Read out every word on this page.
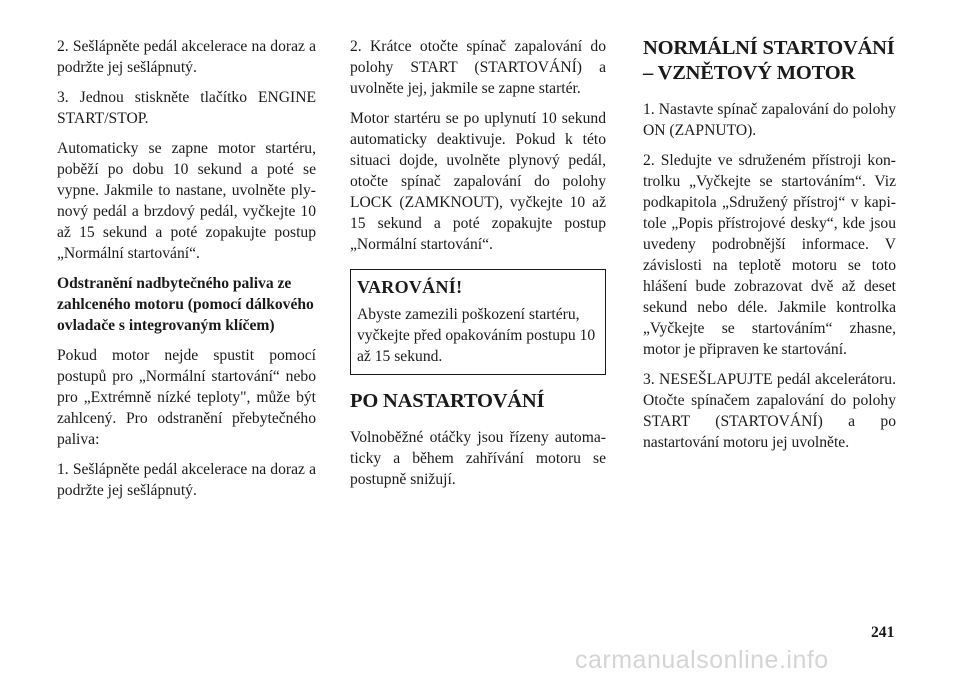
2. Sešlápněte pedál akcelerace na doraz a podržte jej sešlápnutý.

3. Jednou stiskněte tlačítko ENGINE START/STOP.

Automaticky se zapne motor startéru, poběží po dobu 10 sekund a poté se vypne. Jakmile to nastane, uvolněte plynový pedál a brzdový pedál, vyčkejte 10 až 15 sekund a poté zopakujte postup „Normální startování“.

Odstranění nadbytečného paliva ze zahlceného motoru (pomocí dálkového ovladače s integrovaným klíčem)

Pokud motor nejde spustit pomocí postupů pro „Normální startování“ nebo pro „Extrémně nízké teploty", může být zahlcený. Pro odstranění přebytečného paliva:

1. Sešlápněte pedál akcelerace na doraz a podržte jej sešlápnutý.

2. Krátce otočte spínač zapalování do polohy START (STARTOVÁNÍ) a uvolněte jej, jakmile se zapne startér.

Motor startéru se po uplynutí 10 sekund automaticky deaktivuje. Pokud k této situaci dojde, uvolněte plynový pedál, otočte spínač zapalování do polohy LOCK (ZAMKNOUT), vyčkejte 10 až 15 sekund a poté zopakujte postup „Normální startování“.

VAROVÁNÍ!

Abyste zamezili poškození startéru, vyčkejte před opakováním postupu 10 až 15 sekund.

PO NASTARTOVÁNÍ

Volnoběžné otáčky jsou řízeny automaticky a během zahřívání motoru se postupně snižují.

NORMÁLNÍ STARTOVÁNÍ
– VZNĚTOVÝ MOTOR

1. Nastavte spínač zapalování do polohy ON (ZAPNUTO).

2. Sledujte ve sdruženém přístroji kontrolku „Vyčkejte se startováním“. Viz podkapitola „Sdružený přístroj“ v kapitole „Popis přístrojové desky“, kde jsou uvedeny podrobnější informace. V závislosti na teplotě motoru se toto hlášení bude zobrazovat dvě až deset sekund nebo déle. Jakmile kontrolka „Vyčkejte se startováním“ zhasne, motor je připraven ke startování.

3. NESEŠLAPUJTE pedál akcelerátoru. Otočte spínačem zapalování do polohy START (STARTOVÁNÍ) a po nastartování motoru jej uvolněte.

241
carmanualsonline.info
